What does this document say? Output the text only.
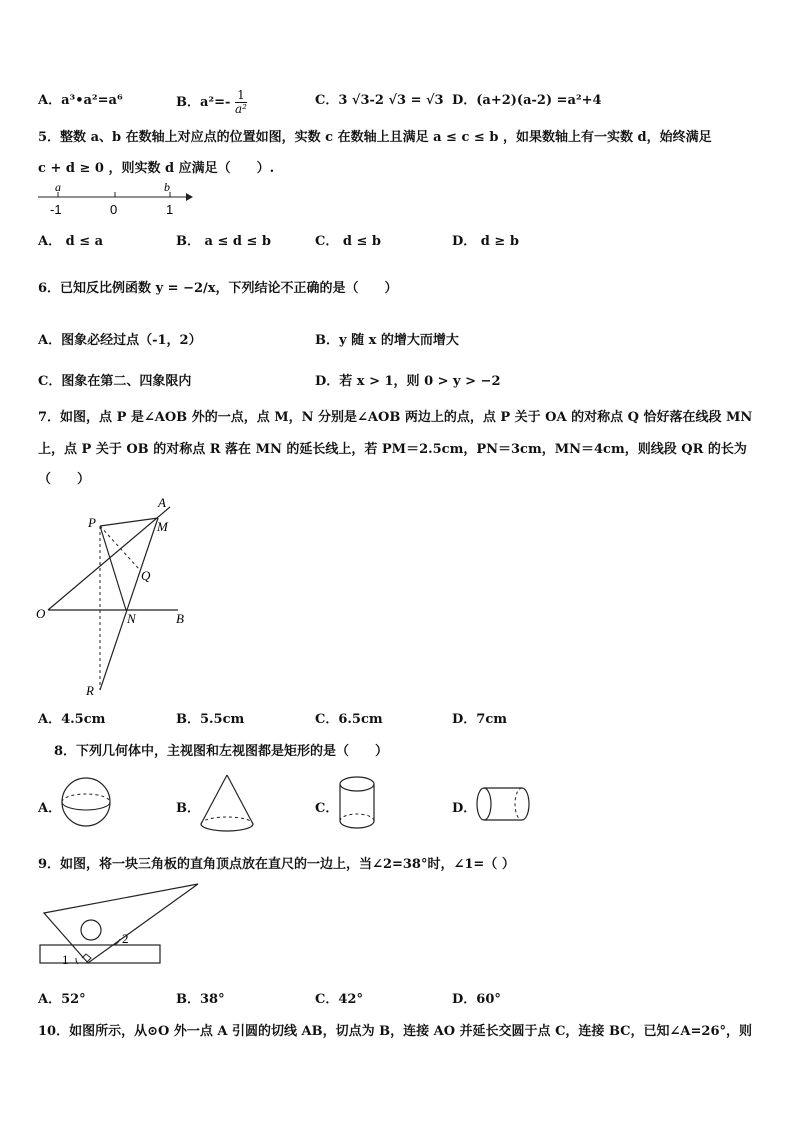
A．a³•a²=a⁶	B．$a^2=- \frac{1}{\text{a²}}$	C．3 √3-2 √3 = √3 D．(a+2)(a-2) =a²+4
5．整数 a、b 在数轴上对应点的位置如图，实数 c 在数轴上且满足 a ≤ c ≤ b ，如果数轴上有一实数 d，始终满足
c + d ≥ 0 ，则实数 d 应满足（　　）.
a	b
-1	0	1
A． d ≤ a	B． a ≤ d ≤ b	C． d ≤ b	D． d ≥ b
6．已知反比例函数 y = −2/x，下列结论不正确的是（　　）
A．图象必经过点（-1，2）	B．y 随 x 的增大而增大
C．图象在第二、四象限内	D．若 x > 1，则 0 > y > −2
7．如图，点 P 是∠AOB 外的一点，点 M，N 分别是∠AOB 两边上的点，点 P 关于 OA 的对称点 Q 恰好落在线段 MN
上，点 P 关于 OB 的对称点 R 落在 MN 的延长线上，若 PM＝2.5cm，PN＝3cm，MN＝4cm，则线段 QR 的长为
（　　）
A
P	M
Q
O	N	B
R
A．4.5cm	B．5.5cm	C．6.5cm	D．7cm
8．下列几何体中，主视图和左视图都是矩形的是（　　）
A．	B．	C．	D．
9．如图，将一块三角板的直角顶点放在直尺的一边上，当∠2=38°时，∠1=（ ）
2
1
A．52°	B．38°	C．42°	D．60°
10．如图所示，从⊙O 外一点 A 引圆的切线 AB，切点为 B，连接 AO 并延长交圆于点 C，连接 BC，已知∠A=26°，则
